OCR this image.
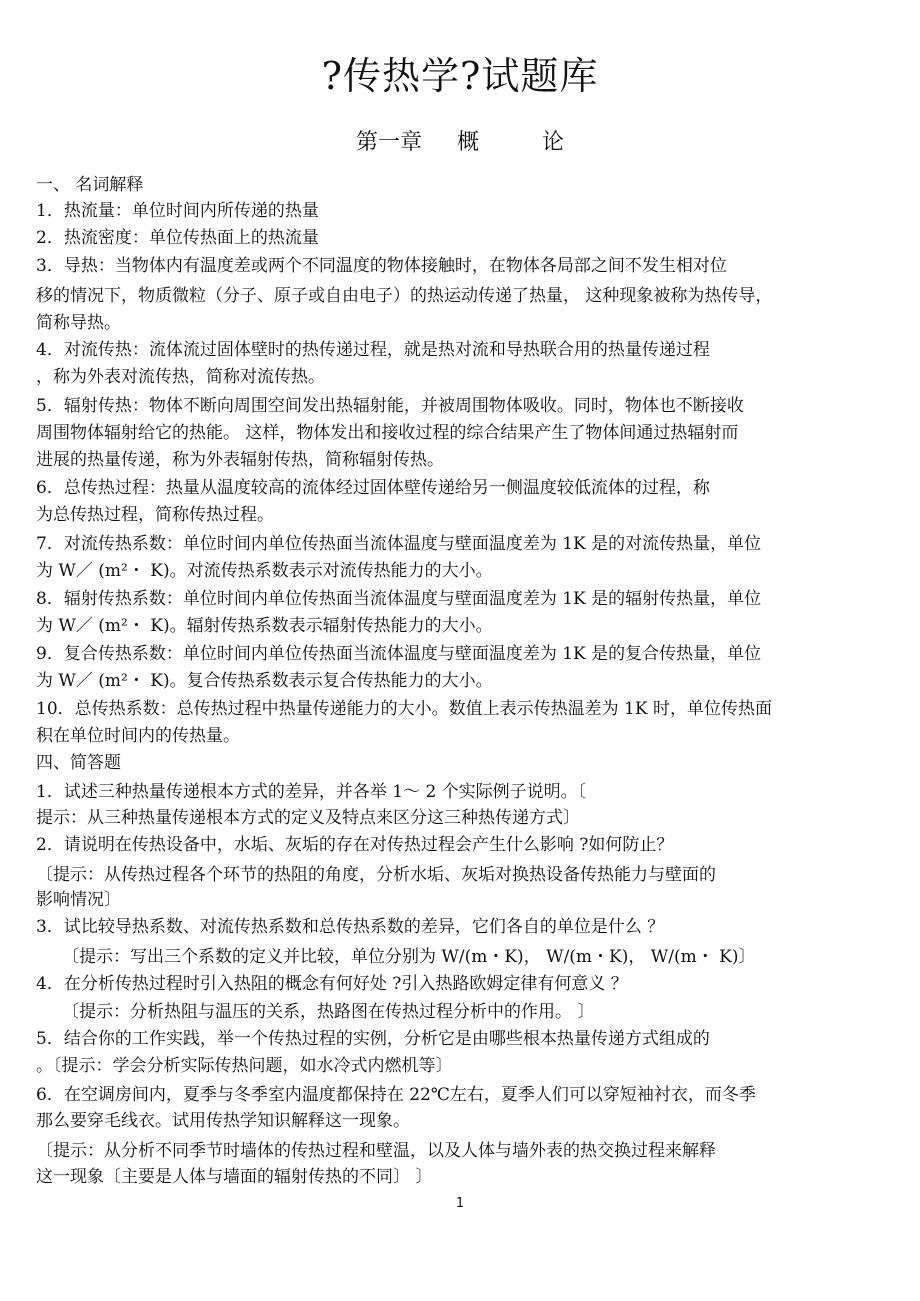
?传热学?试题库
第一章     概         论
一、 名词解释
1．热流量：单位时间内所传递的热量
2．热流密度：单位传热面上的热流量
3．导热：当物体内有温度差或两个不同温度的物体接触时，在物体各局部之间不发生相对位
移的情况下，物质微粒（分子、原子或自由电子）的热运动传递了热量， 这种现象被称为热传导，
简称导热。
4．对流传热：流体流过固体壁时的热传递过程，就是热对流和导热联合用的热量传递过程
，称为外表对流传热，简称对流传热。
5．辐射传热：物体不断向周围空间发出热辐射能，并被周围物体吸收。同时，物体也不断接收
周围物体辐射给它的热能。 这样，物体发出和接收过程的综合结果产生了物体间通过热辐射而
进展的热量传递，称为外表辐射传热，简称辐射传热。
6．总传热过程：热量从温度较高的流体经过固体壁传递给另一侧温度较低流体的过程，称
为总传热过程，简称传热过程。
7．对流传热系数：单位时间内单位传热面当流体温度与壁面温度差为 1K 是的对流传热量，单位
为 W／ (m²・ K)。对流传热系数表示对流传热能力的大小。
8．辐射传热系数：单位时间内单位传热面当流体温度与壁面温度差为 1K 是的辐射传热量，单位
为 W／ (m²・ K)。辐射传热系数表示辐射传热能力的大小。
9．复合传热系数：单位时间内单位传热面当流体温度与壁面温度差为 1K 是的复合传热量，单位
为 W／ (m²・ K)。复合传热系数表示复合传热能力的大小。
10．总传热系数：总传热过程中热量传递能力的大小。数值上表示传热温差为 1K 时，单位传热面
积在单位时间内的传热量。
四、简答题
1．试述三种热量传递根本方式的差异，并各举 1～ 2 个实际例子说明。〔
提示：从三种热量传递根本方式的定义及特点来区分这三种热传递方式〕
2．请说明在传热设备中，水垢、灰垢的存在对传热过程会产生什么影响 ?如何防止？
〔提示：从传热过程各个环节的热阻的角度，分析水垢、灰垢对换热设备传热能力与壁面的
影响情况〕
3．试比较导热系数、对流传热系数和总传热系数的差异，它们各自的单位是什么 ？
〔提示：写出三个系数的定义并比较，单位分别为 W/(m・K)， W/(m・K)， W/(m・ K)〕
4．在分析传热过程时引入热阻的概念有何好处 ?引入热路欧姆定律有何意义 ？
〔提示：分析热阻与温压的关系，热路图在传热过程分析中的作用。 〕
5．结合你的工作实践，举一个传热过程的实例，分析它是由哪些根本热量传递方式组成的
。〔提示：学会分析实际传热问题，如水冷式内燃机等〕
6．在空调房间内，夏季与冬季室内温度都保持在 22℃左右，夏季人们可以穿短袖衬衣，而冬季
那么要穿毛线衣。试用传热学知识解释这一现象。
〔提示：从分析不同季节时墙体的传热过程和壁温，以及人体与墙外表的热交换过程来解释
这一现象〔主要是人体与墙面的辐射传热的不同〕 〕
1
